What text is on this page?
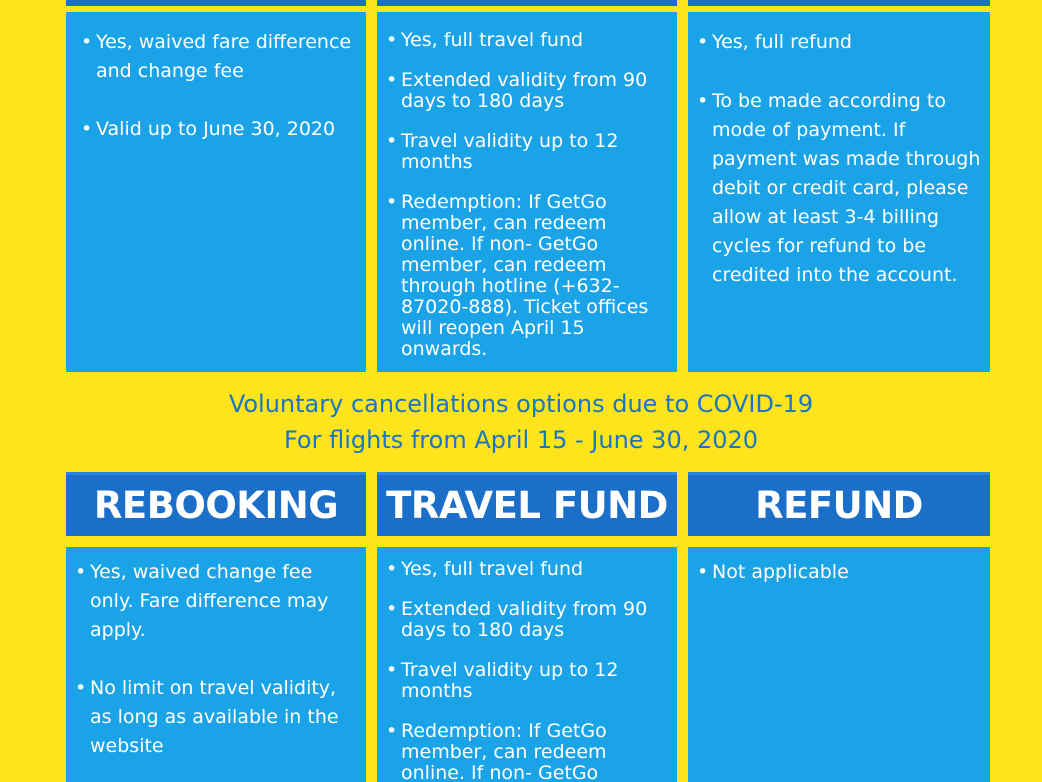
• Yes, waived fare difference and change fee
• Valid up to June 30, 2020
• Yes, full travel fund
• Extended validity from 90 days to 180 days
• Travel validity up to 12 months
• Redemption: If GetGo member, can redeem online. If non- GetGo member, can redeem through hotline (+632-87020-888). Ticket offices will reopen April 15 onwards.
• Yes, full refund
• To be made according to mode of payment. If payment was made through debit or credit card, please allow at least 3-4 billing cycles for refund to be credited into the account.
Voluntary cancellations options due to COVID-19
For flights from April 15 - June 30, 2020
REBOOKING	TRAVEL FUND	REFUND
• Yes, waived change fee only. Fare difference may apply.
• No limit on travel validity, as long as available in the website
• Yes, full travel fund
• Extended validity from 90 days to 180 days
• Travel validity up to 12 months
• Redemption: If GetGo member, can redeem online. If non- GetGo
• Not applicable
